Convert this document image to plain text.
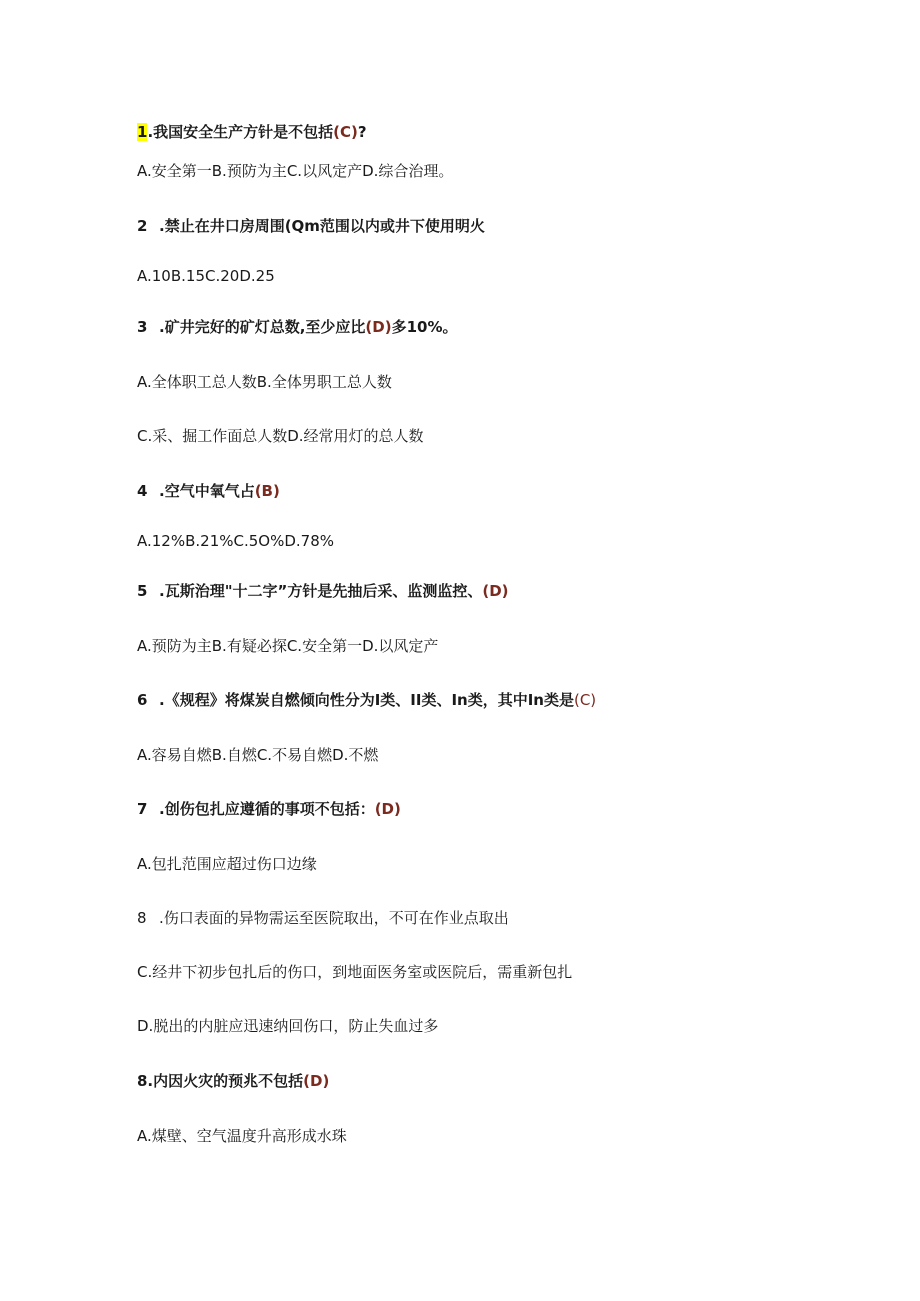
1.我国安全生产方针是不包括(C)?
A.安全第一B.预防为主C.以风定产D.综合治理。
2 .禁止在井口房周围(Qm范围以内或井下使用明火
A.10B.15C.20D.25
3 .矿井完好的矿灯总数,至少应比(D)多10%。
A.全体职工总人数B.全体男职工总人数
C.采、掘工作面总人数D.经常用灯的总人数
4 .空气中氧气占(B)
A.12%B.21%C.5O%D.78%
5 .瓦斯治理"十二字”方针是先抽后采、监测监控、(D)
A.预防为主B.有疑必探C.安全第一D.以风定产
6 .《规程》将煤炭自燃倾向性分为I类、II类、In类，其中In类是(C)
A.容易自燃B.自燃C.不易自燃D.不燃
7 .创伤包扎应遵循的事项不包括：(D)
A.包扎范围应超过伤口边缘
8 .伤口表面的异物需运至医院取出，不可在作业点取出
C.经井下初步包扎后的伤口，到地面医务室或医院后，需重新包扎
D.脱出的内脏应迅速纳回伤口，防止失血过多
8.内因火灾的预兆不包括(D)
A.煤壁、空气温度升高形成水珠
